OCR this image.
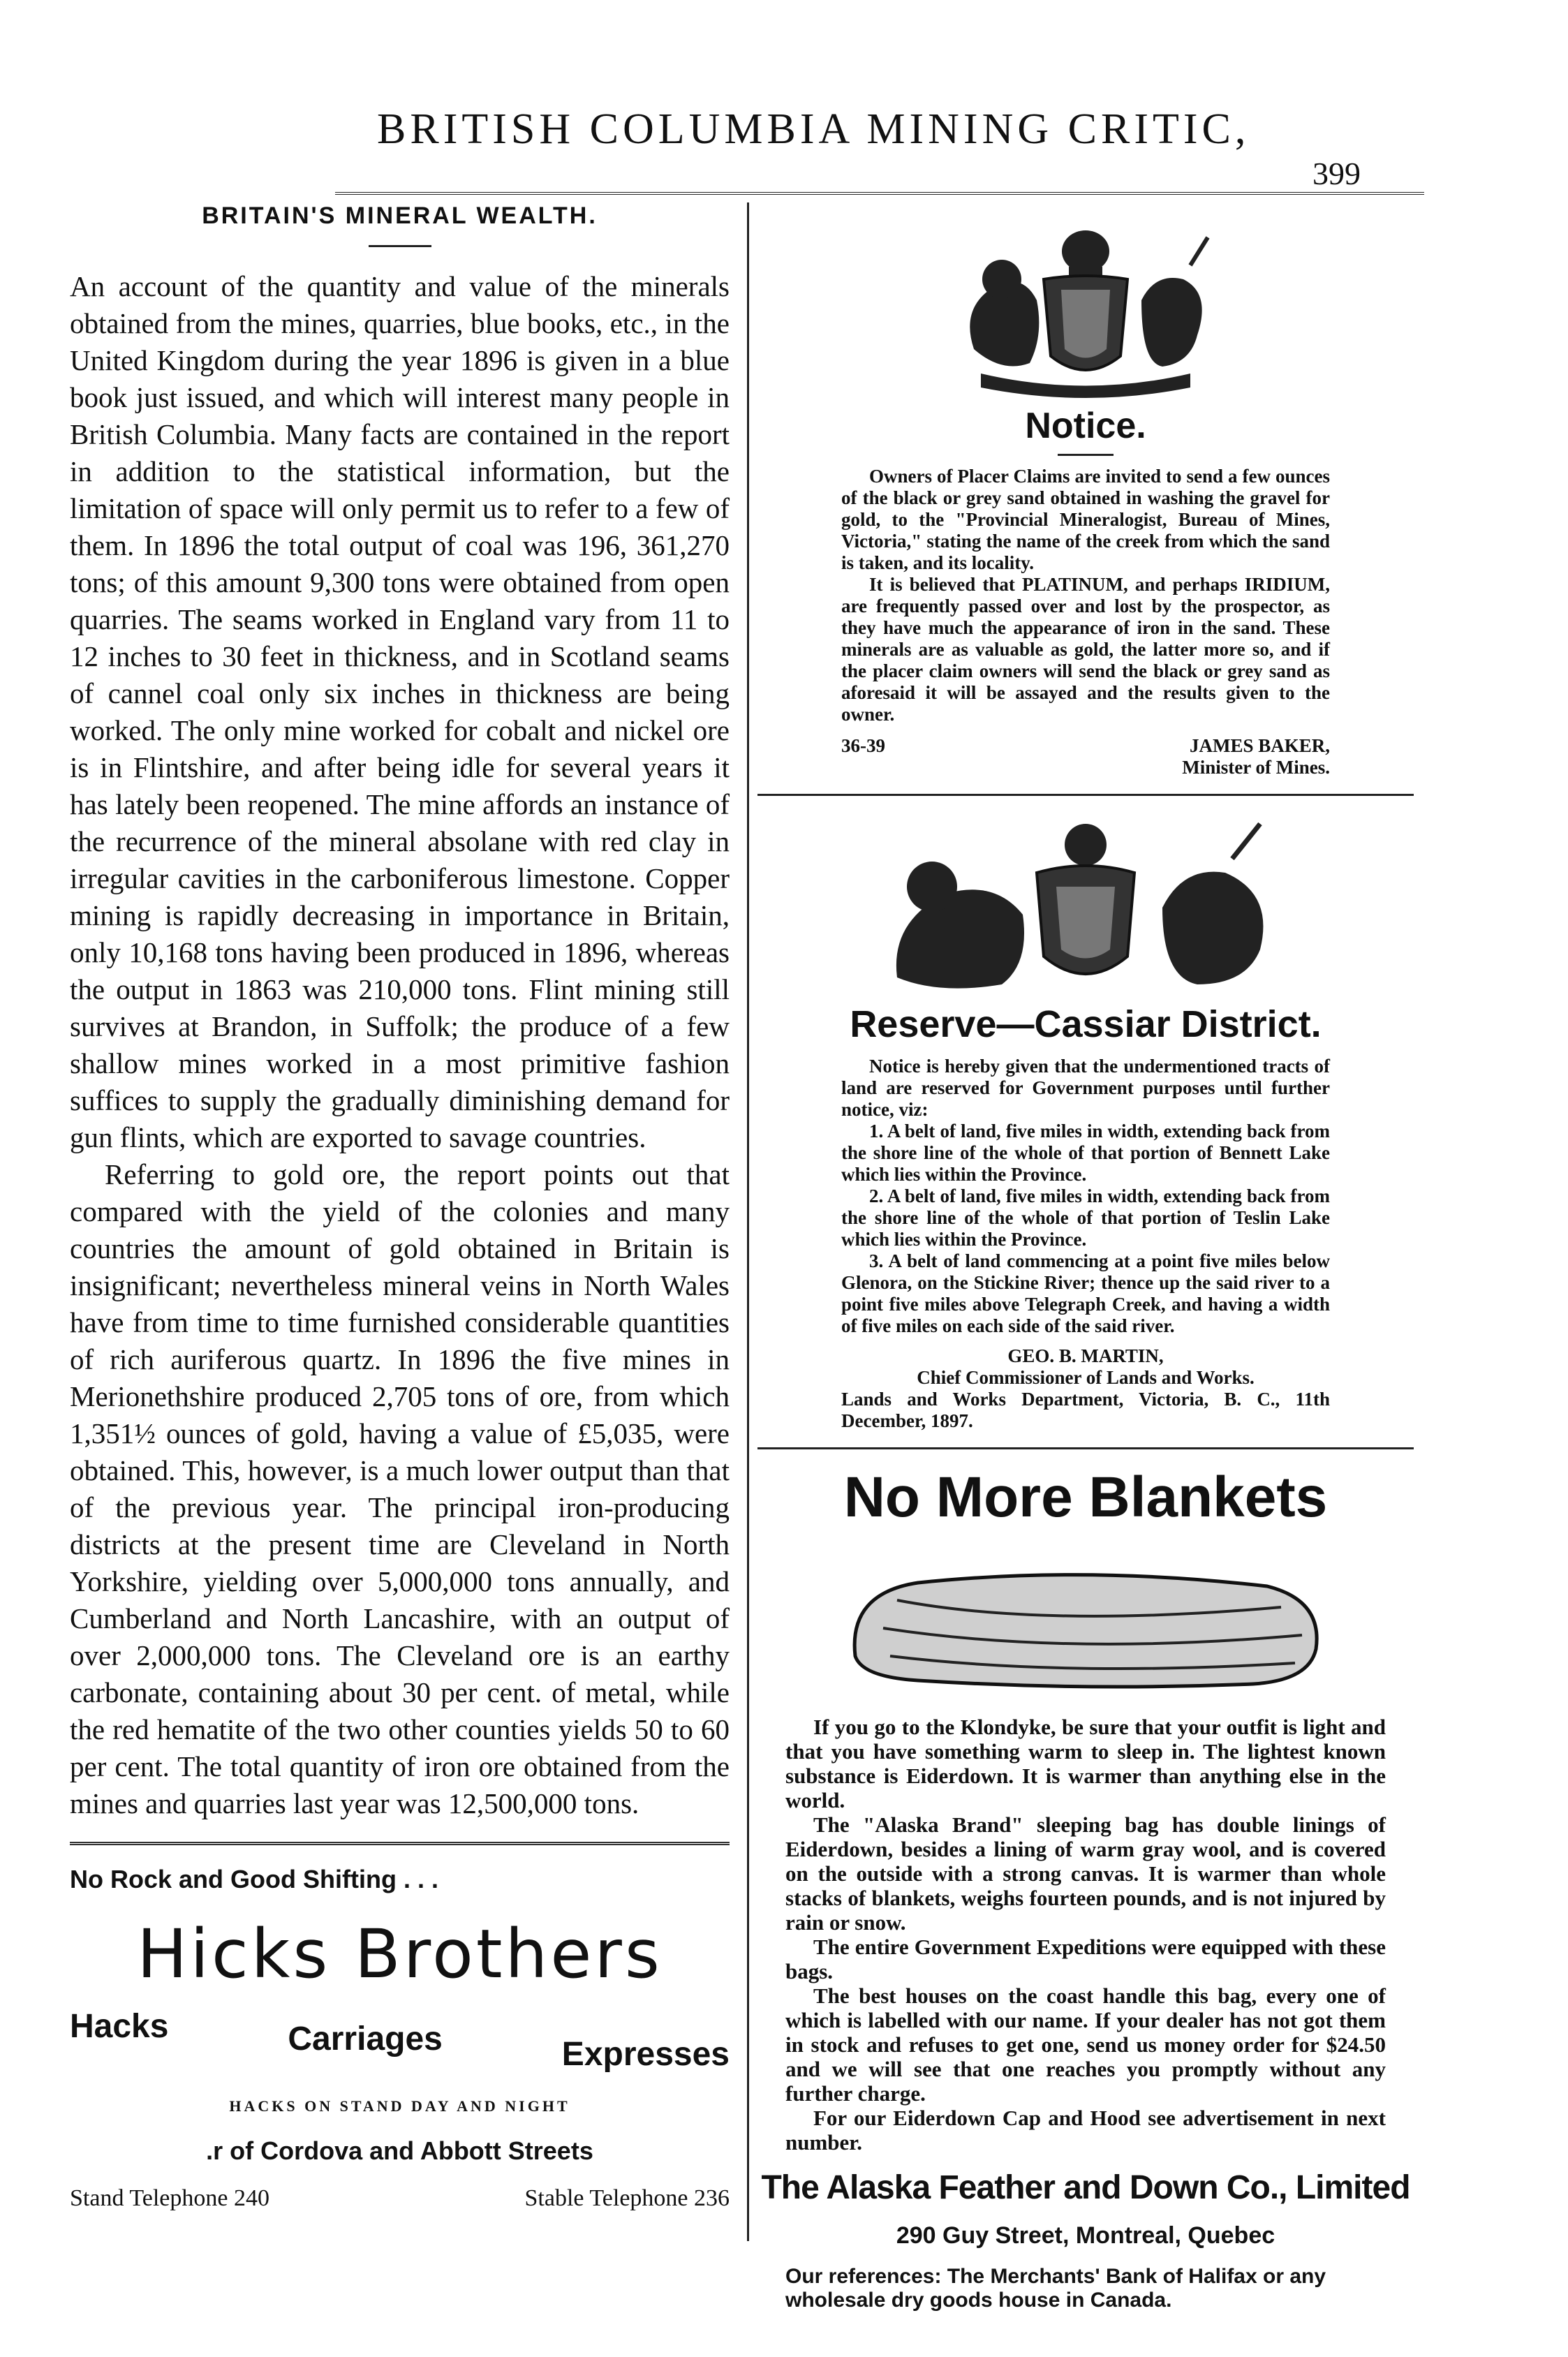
BRITISH COLUMBIA MINING CRITIC,
399
BRITAIN'S MINERAL WEALTH.

An account of the quantity and value of the minerals obtained from the mines, quarries, blue books, etc., in the United Kingdom during the year 1896 is given in a blue book just issued, and which will interest many people in British Columbia. Many facts are contained in the report in addition to the statistical information, but the limitation of space will only permit us to refer to a few of them. In 1896 the total output of coal was 196, 361,270 tons; of this amount 9,300 tons were obtained from open quarries. The seams worked in England vary from 11 to 12 inches to 30 feet in thickness, and in Scotland seams of cannel coal only six inches in thickness are being worked. The only mine worked for cobalt and nickel ore is in Flintshire, and after being idle for several years it has lately been reopened. The mine affords an instance of the recurrence of the mineral absolane with red clay in irregular cavities in the carboniferous limestone. Copper mining is rapidly decreasing in importance in Britain, only 10,168 tons having been produced in 1896, whereas the output in 1863 was 210,000 tons. Flint mining still survives at Brandon, in Suffolk; the produce of a few shallow mines worked in a most primitive fashion suffices to supply the gradually diminishing demand for gun flints, which are exported to savage countries.

Referring to gold ore, the report points out that compared with the yield of the colonies and many countries the amount of gold obtained in Britain is insignificant; nevertheless mineral veins in North Wales have from time to time furnished considerable quantities of rich auriferous quartz. In 1896 the five mines in Merionethshire produced 2,705 tons of ore, from which 1,351½ ounces of gold, having a value of £5,035, were obtained. This, however, is a much lower output than that of the previous year. The principal iron-producing districts at the present time are Cleveland in North Yorkshire, yielding over 5,000,000 tons annually, and Cumberland and North Lancashire, with an output of over 2,000,000 tons. The Cleveland ore is an earthy carbonate, containing about 30 per cent. of metal, while the red hematite of the two other counties yields 50 to 60 per cent. The total quantity of iron ore obtained from the mines and quarries last year was 12,500,000 tons.

No Rock and Good Shifting . . .
Hicks Brothers
Hacks	Carriages	Expresses
HACKS ON STAND DAY AND NIGHT
.r of Cordova and Abbott Streets
Stand Telephone 240	Stable Telephone 236
Notice.

Owners of Placer Claims are invited to send a few ounces of the black or grey sand obtained in washing the gravel for gold, to the "Provincial Mineralogist, Bureau of Mines, Victoria," stating the name of the creek from which the sand is taken, and its locality.

It is believed that PLATINUM, and perhaps IRIDIUM, are frequently passed over and lost by the prospector, as they have much the appearance of iron in the sand. These minerals are as valuable as gold, the latter more so, and if the placer claim owners will send the black or grey sand as aforesaid it will be assayed and the results given to the owner.

36-39	JAMES BAKER,
Minister of Mines.
Reserve—Cassiar District.

Notice is hereby given that the undermentioned tracts of land are reserved for Government purposes until further notice, viz:

1. A belt of land, five miles in width, extending back from the shore line of the whole of that portion of Bennett Lake which lies within the Province.

2. A belt of land, five miles in width, extending back from the shore line of the whole of that portion of Teslin Lake which lies within the Province.

3. A belt of land commencing at a point five miles below Glenora, on the Stickine River; thence up the said river to a point five miles above Telegraph Creek, and having a width of five miles on each side of the said river.

GEO. B. MARTIN,
Chief Commissioner of Lands and Works.
Lands and Works Department, Victoria, B. C., 11th December, 1897.
No More Blankets

If you go to the Klondyke, be sure that your outfit is light and that you have something warm to sleep in. The lightest known substance is Eiderdown. It is warmer than anything else in the world.

The "Alaska Brand" sleeping bag has double linings of Eiderdown, besides a lining of warm gray wool, and is covered on the outside with a strong canvas. It is warmer than whole stacks of blankets, weighs fourteen pounds, and is not injured by rain or snow.

The entire Government Expeditions were equipped with these bags.

The best houses on the coast handle this bag, every one of which is labelled with our name. If your dealer has not got them in stock and refuses to get one, send us money order for $24.50 and we will see that one reaches you promptly without any further charge.

For our Eiderdown Cap and Hood see advertisement in next number.

The Alaska Feather and Down Co., Limited
290 Guy Street, Montreal, Quebec
Our references: The Merchants' Bank of Halifax or any wholesale dry goods house in Canada.
